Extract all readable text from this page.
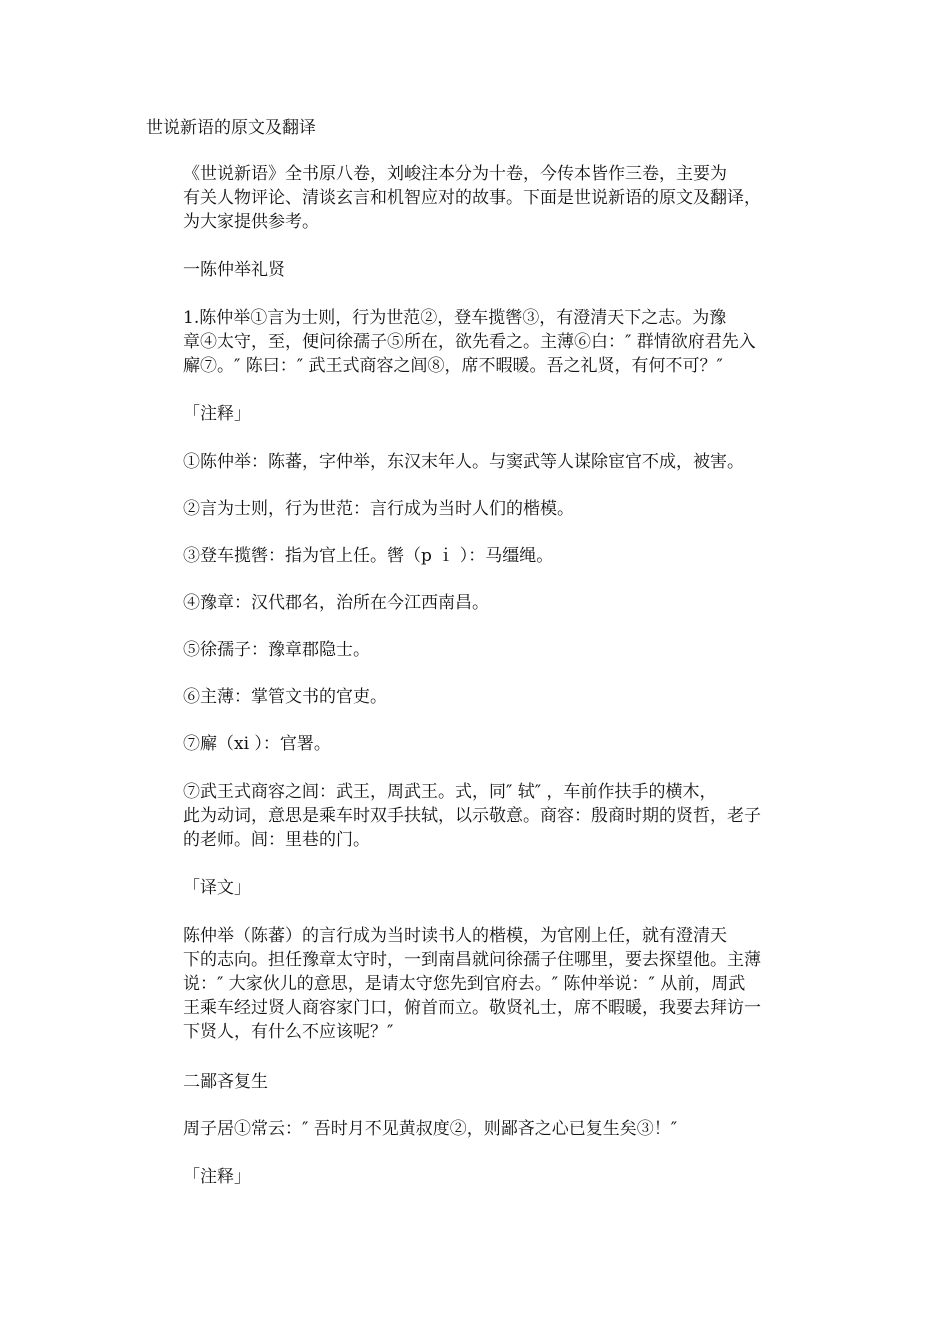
世说新语的原文及翻译

《世说新语》全书原八卷，刘峻注本分为十卷，今传本皆作三卷，主要为
有关人物评论、清谈玄言和机智应对的故事。下面是世说新语的原文及翻译，
为大家提供参考。

一陈仲举礼贤

1.陈仲举①言为士则，行为世范②，登车揽辔③，有澄清天下之志。为豫
章④太守，至，便问徐孺子⑤所在，欲先看之。主薄⑥白：″ 群情欲府君先入
廨⑦。″ 陈曰：″ 武王式商容之闾⑧，席不暇暖。吾之礼贤，有何不可？″

「注释」

①陈仲举：陈蕃，字仲举，东汉末年人。与窦武等人谋除宦官不成，被害。

②言为士则，行为世范：言行成为当时人们的楷模。

③登车揽辔：指为官上任。辔（p ｉ ）：马缰绳。

④豫章：汉代郡名，治所在今江西南昌。

⑤徐孺子：豫章郡隐士。

⑥主薄：掌管文书的官吏。

⑦廨（xi ）：官署。

⑦武王式商容之闾：武王，周武王。式，同″ 轼″ ，车前作扶手的横木，
此为动词，意思是乘车时双手扶轼，以示敬意。商容：殷商时期的贤哲，老子
的老师。闾：里巷的门。

「译文」

陈仲举（陈蕃）的言行成为当时读书人的楷模，为官刚上任，就有澄清天
下的志向。担任豫章太守时，一到南昌就问徐孺子住哪里，要去探望他。主薄
说：″ 大家伙儿的意思，是请太守您先到官府去。″ 陈仲举说：″ 从前，周武
王乘车经过贤人商容家门口，俯首而立。敬贤礼士，席不暇暖，我要去拜访一
下贤人，有什么不应该呢？″

二鄙吝复生

周子居①常云：″ 吾时月不见黄叔度②，则鄙吝之心已复生矣③！″

「注释」
